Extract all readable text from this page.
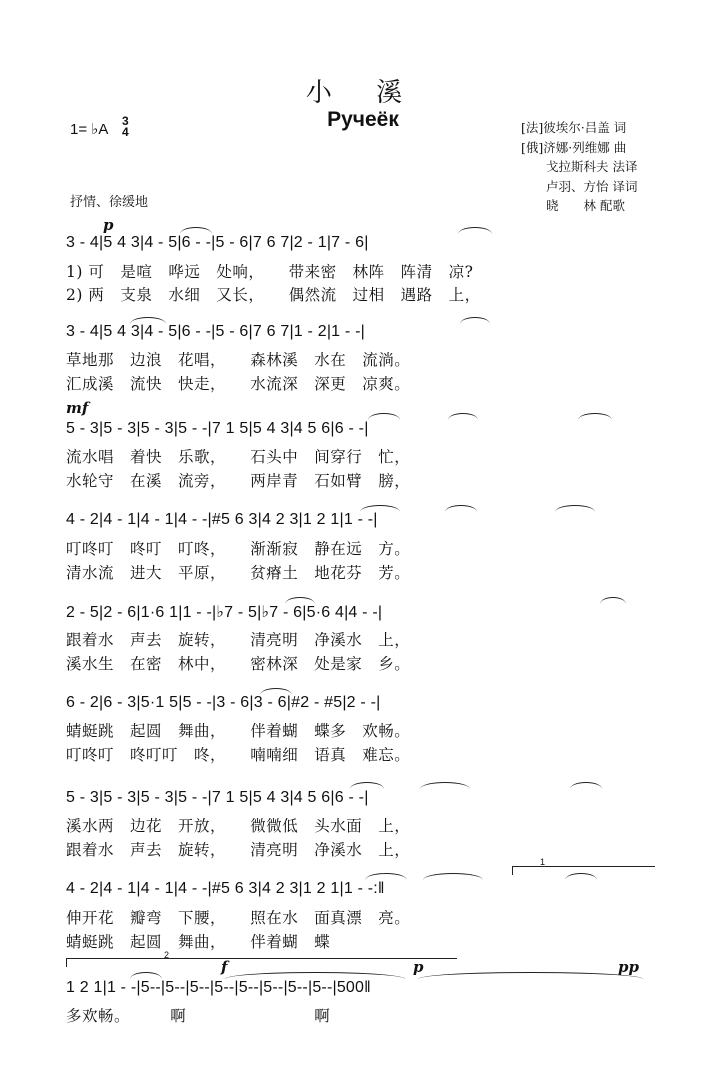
小 溪
Ручеёк
1= ♭A 3
4
抒情、徐缓地
[法]彼埃尔·吕盖 词
[俄]济娜·列维娜 曲
　　戈拉斯科夫 法译
　　卢羽、方怡 译词
　　晓　　林 配歌
p
3 - 4|5 4 3|4 - 5|6 - -|5 - 6|7 6 7|2 - 1|7 - 6|
1) 可　是喧　哗远　处响，　　带来密　林阵　阵清　凉?
2) 两　支泉　水细　又长，　　偶然流　过相　遇路　上，
3 - 4|5 4 3|4 - 5|6 - -|5 - 6|7 6 7|1 - 2|1 - -|
草地那　边浪　花唱，　　森林溪　水在　流淌。
汇成溪　流快　快走，　　水流深　深更　凉爽。
mf
5 - 3|5 - 3|5 - 3|5 - -|7 1 5|5 4 3|4 5 6|6 - -|
流水唱　着快　乐歌，　　石头中　间穿行　忙，
水轮守　在溪　流旁，　　两岸青　石如臂　膀，
4 - 2|4 - 1|4 - 1|4 - -|#5 6 3|4 2 3|1 2 1|1 - -|
叮咚叮　咚叮　叮咚，　　渐渐寂　静在远　方。
清水流　进大　平原，　　贫瘠土　地花芬　芳。
2 - 5|2 - 6|1·6 1|1 - -|♭7 - 5|♭7 - 6|5·6 4|4 - -|
跟着水　声去　旋转，　　清亮明　净溪水　上，
溪水生　在密　林中，　　密林深　处是家　乡。
6 - 2|6 - 3|5·1 5|5 - -|3 - 6|3 - 6|#2 - #5|2 - -|
蜻蜓跳　起圆　舞曲，　　伴着蝴　蝶多　欢畅。
叮咚叮　咚叮叮　咚，　　喃喃细　语真　难忘。
5 - 3|5 - 3|5 - 3|5 - -|7 1 5|5 4 3|4 5 6|6 - -|
溪水两　边花　开放，　　微微低　头水面　上，
跟着水　声去　旋转，　　清亮明　净溪水　上，
1
4 - 2|4 - 1|4 - 1|4 - -|#5 6 3|4 2 3|1 2 1|1 - -:‖
伸开花　瓣弯　下腰，　　照在水　面真漂　亮。
蜻蜓跳　起圆　舞曲，　　伴着蝴　蝶
2
f	p	pp
1 2 1|1 - -|5--|5--|5--|5--|5--|5--|5--|5--|500‖
多欢畅。　　　啊　　　　　　　　啊
